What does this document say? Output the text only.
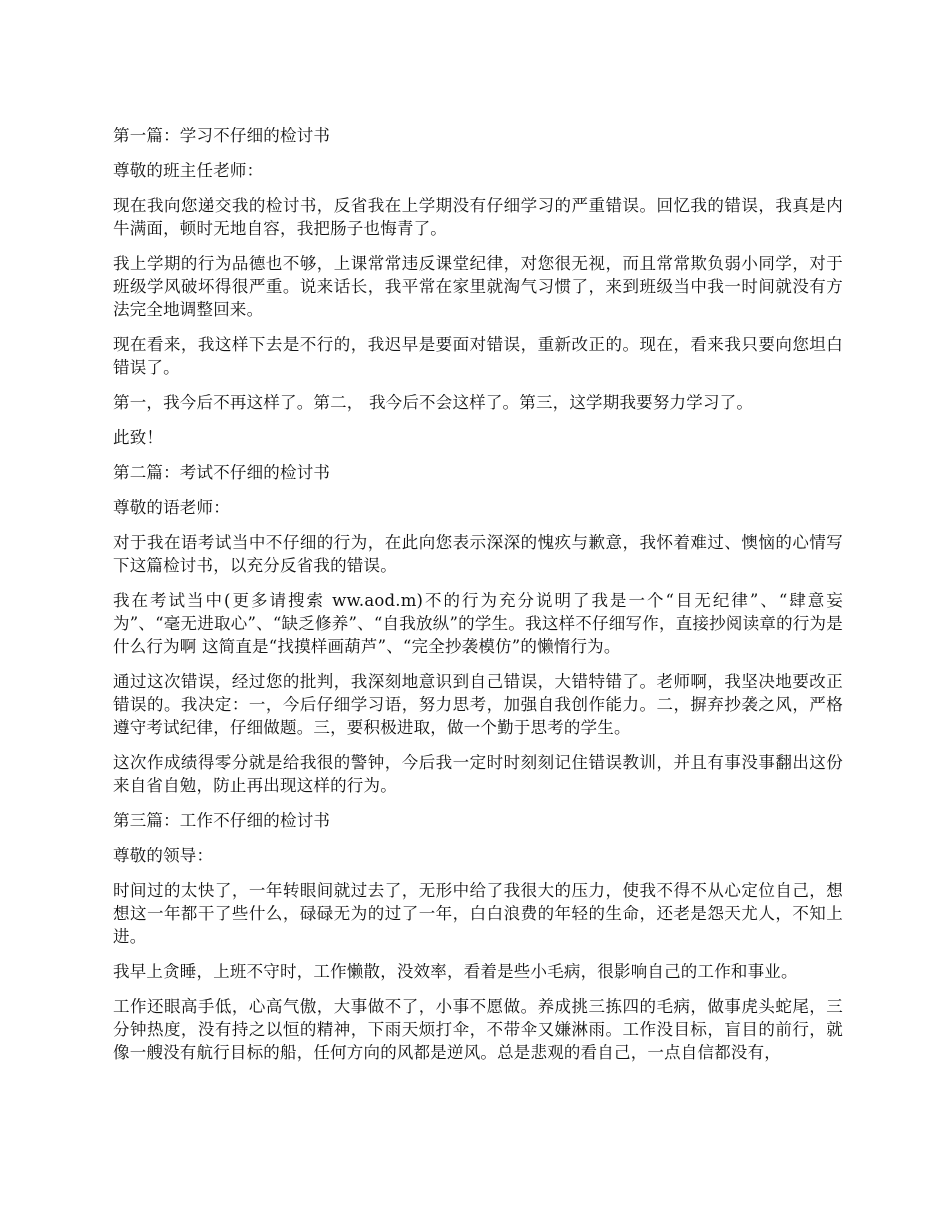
第一篇：学习不仔细的检讨书

尊敬的班主任老师：

现在我向您递交我的检讨书，反省我在上学期没有仔细学习的严重错误。回忆我的错误，我真是内牛满面，顿时无地自容，我把肠子也悔青了。

我上学期的行为品德也不够，上课常常违反课堂纪律，对您很无视，而且常常欺负弱小同学，对于班级学风破坏得很严重。说来话长，我平常在家里就淘气习惯了，来到班级当中我一时间就没有方法完全地调整回来。

现在看来，我这样下去是不行的，我迟早是要面对错误，重新改正的。现在，看来我只要向您坦白错误了。

第一，我今后不再这样了。第二， 我今后不会这样了。第三，这学期我要努力学习了。

此致！

第二篇：考试不仔细的检讨书

尊敬的语老师：

对于我在语考试当中不仔细的行为，在此向您表示深深的愧疚与歉意，我怀着难过、懊恼的心情写下这篇检讨书，以充分反省我的错误。

我在考试当中(更多请搜索 ww.aod.m)不的行为充分说明了我是一个“目无纪律”、“肆意妄为”、“毫无进取心”、“缺乏修养”、“自我放纵”的学生。我这样不仔细写作，直接抄阅读章的行为是什么行为啊 这简直是“找摸样画葫芦”、“完全抄袭模仿”的懒惰行为。

通过这次错误，经过您的批判，我深刻地意识到自己错误，大错特错了。老师啊，我坚决地要改正错误的。我决定：一，今后仔细学习语，努力思考，加强自我创作能力。二，摒弃抄袭之风，严格遵守考试纪律，仔细做题。三，要积极进取，做一个勤于思考的学生。

这次作成绩得零分就是给我很的警钟，今后我一定时时刻刻记住错误教训，并且有事没事翻出这份来自省自勉，防止再出现这样的行为。

第三篇：工作不仔细的检讨书

尊敬的领导：

时间过的太快了，一年转眼间就过去了，无形中给了我很大的压力，使我不得不从心定位自己，想想这一年都干了些什么，碌碌无为的过了一年，白白浪费的年轻的生命，还老是怨天尤人，不知上进。

我早上贪睡，上班不守时，工作懒散，没效率，看着是些小毛病，很影响自己的工作和事业。

工作还眼高手低，心高气傲，大事做不了，小事不愿做。养成挑三拣四的毛病，做事虎头蛇尾，三分钟热度，没有持之以恒的精神，下雨天烦打伞，不带伞又嫌淋雨。工作没目标，盲目的前行，就像一艘没有航行目标的船，任何方向的风都是逆风。总是悲观的看自己，一点自信都没有，
